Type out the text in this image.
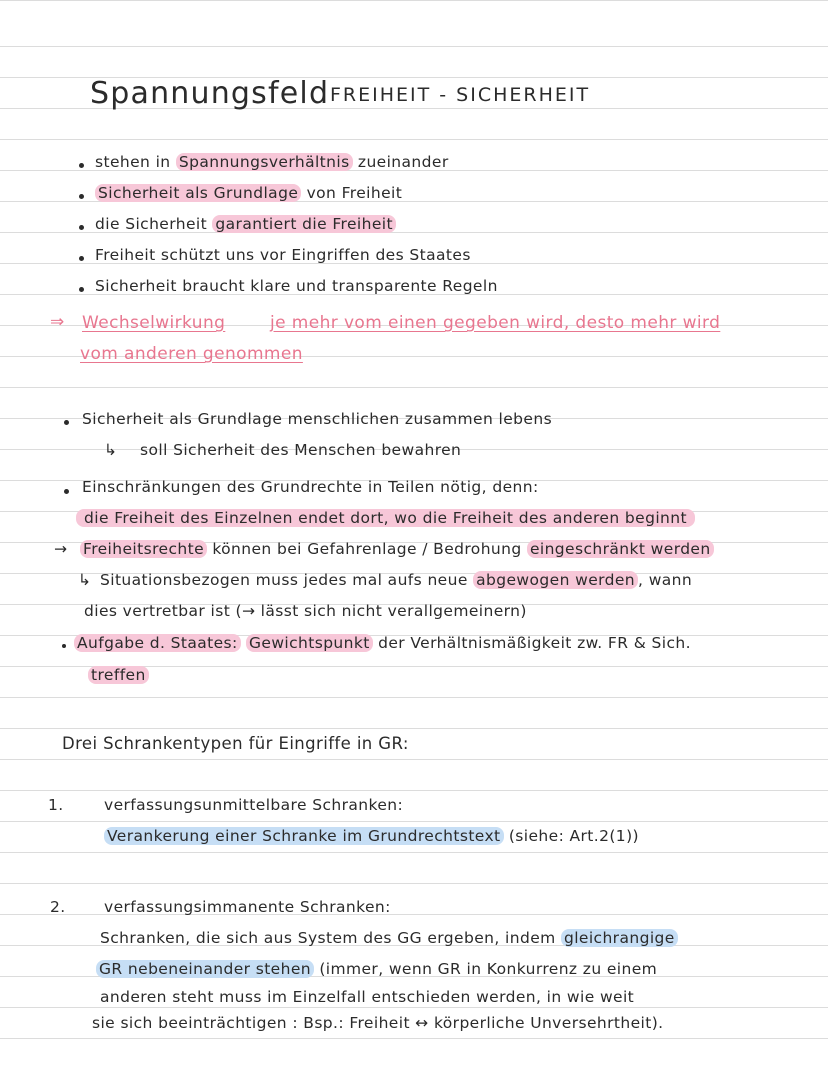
Spannungsfeld FREIHEIT - SICHERHEIT
stehen in Spannungsverhältnis zueinander
Sicherheit als Grundlage von Freiheit
die Sicherheit garantiert die Freiheit
Freiheit schützt uns vor Eingriffen des Staates
Sicherheit braucht klare und transparente Regeln
⇒ Wechselwirkung	je mehr vom einen gegeben wird, desto mehr wird
vom anderen genommen
Sicherheit als Grundlage menschlichen zusammen lebens
↳ soll Sicherheit des Menschen bewahren
Einschränkungen des Grundrechte in Teilen nötig, denn:
die Freiheit des Einzelnen endet dort, wo die Freiheit des anderen beginnt
→ Freiheitsrechte können bei Gefahrenlage / Bedrohung eingeschränkt werden
↳ Situationsbezogen muss jedes mal aufs neue abgewogen werden , wann
dies vertretbar ist (→ lässt sich nicht verallgemeinern)
Aufgabe d. Staates: Gewichtspunkt der Verhältnismäßigkeit zw. FR & Sich.
treffen
Drei Schrankentypen für Eingriffe in GR:
1.	verfassungsunmittelbare Schranken:
Verankerung einer Schranke im Grundrechtstext (siehe: Art.2(1))
2. verfassungsimmanente Schranken:
Schranken, die sich aus System des GG ergeben, indem gleichrangige
GR nebeneinander stehen (immer, wenn GR in Konkurrenz zu einem
anderen steht muss im Einzelfall entschieden werden, in wie weit
sie sich beeinträchtigen : Bsp.: Freiheit ↔ körperliche Unversehrtheit).
